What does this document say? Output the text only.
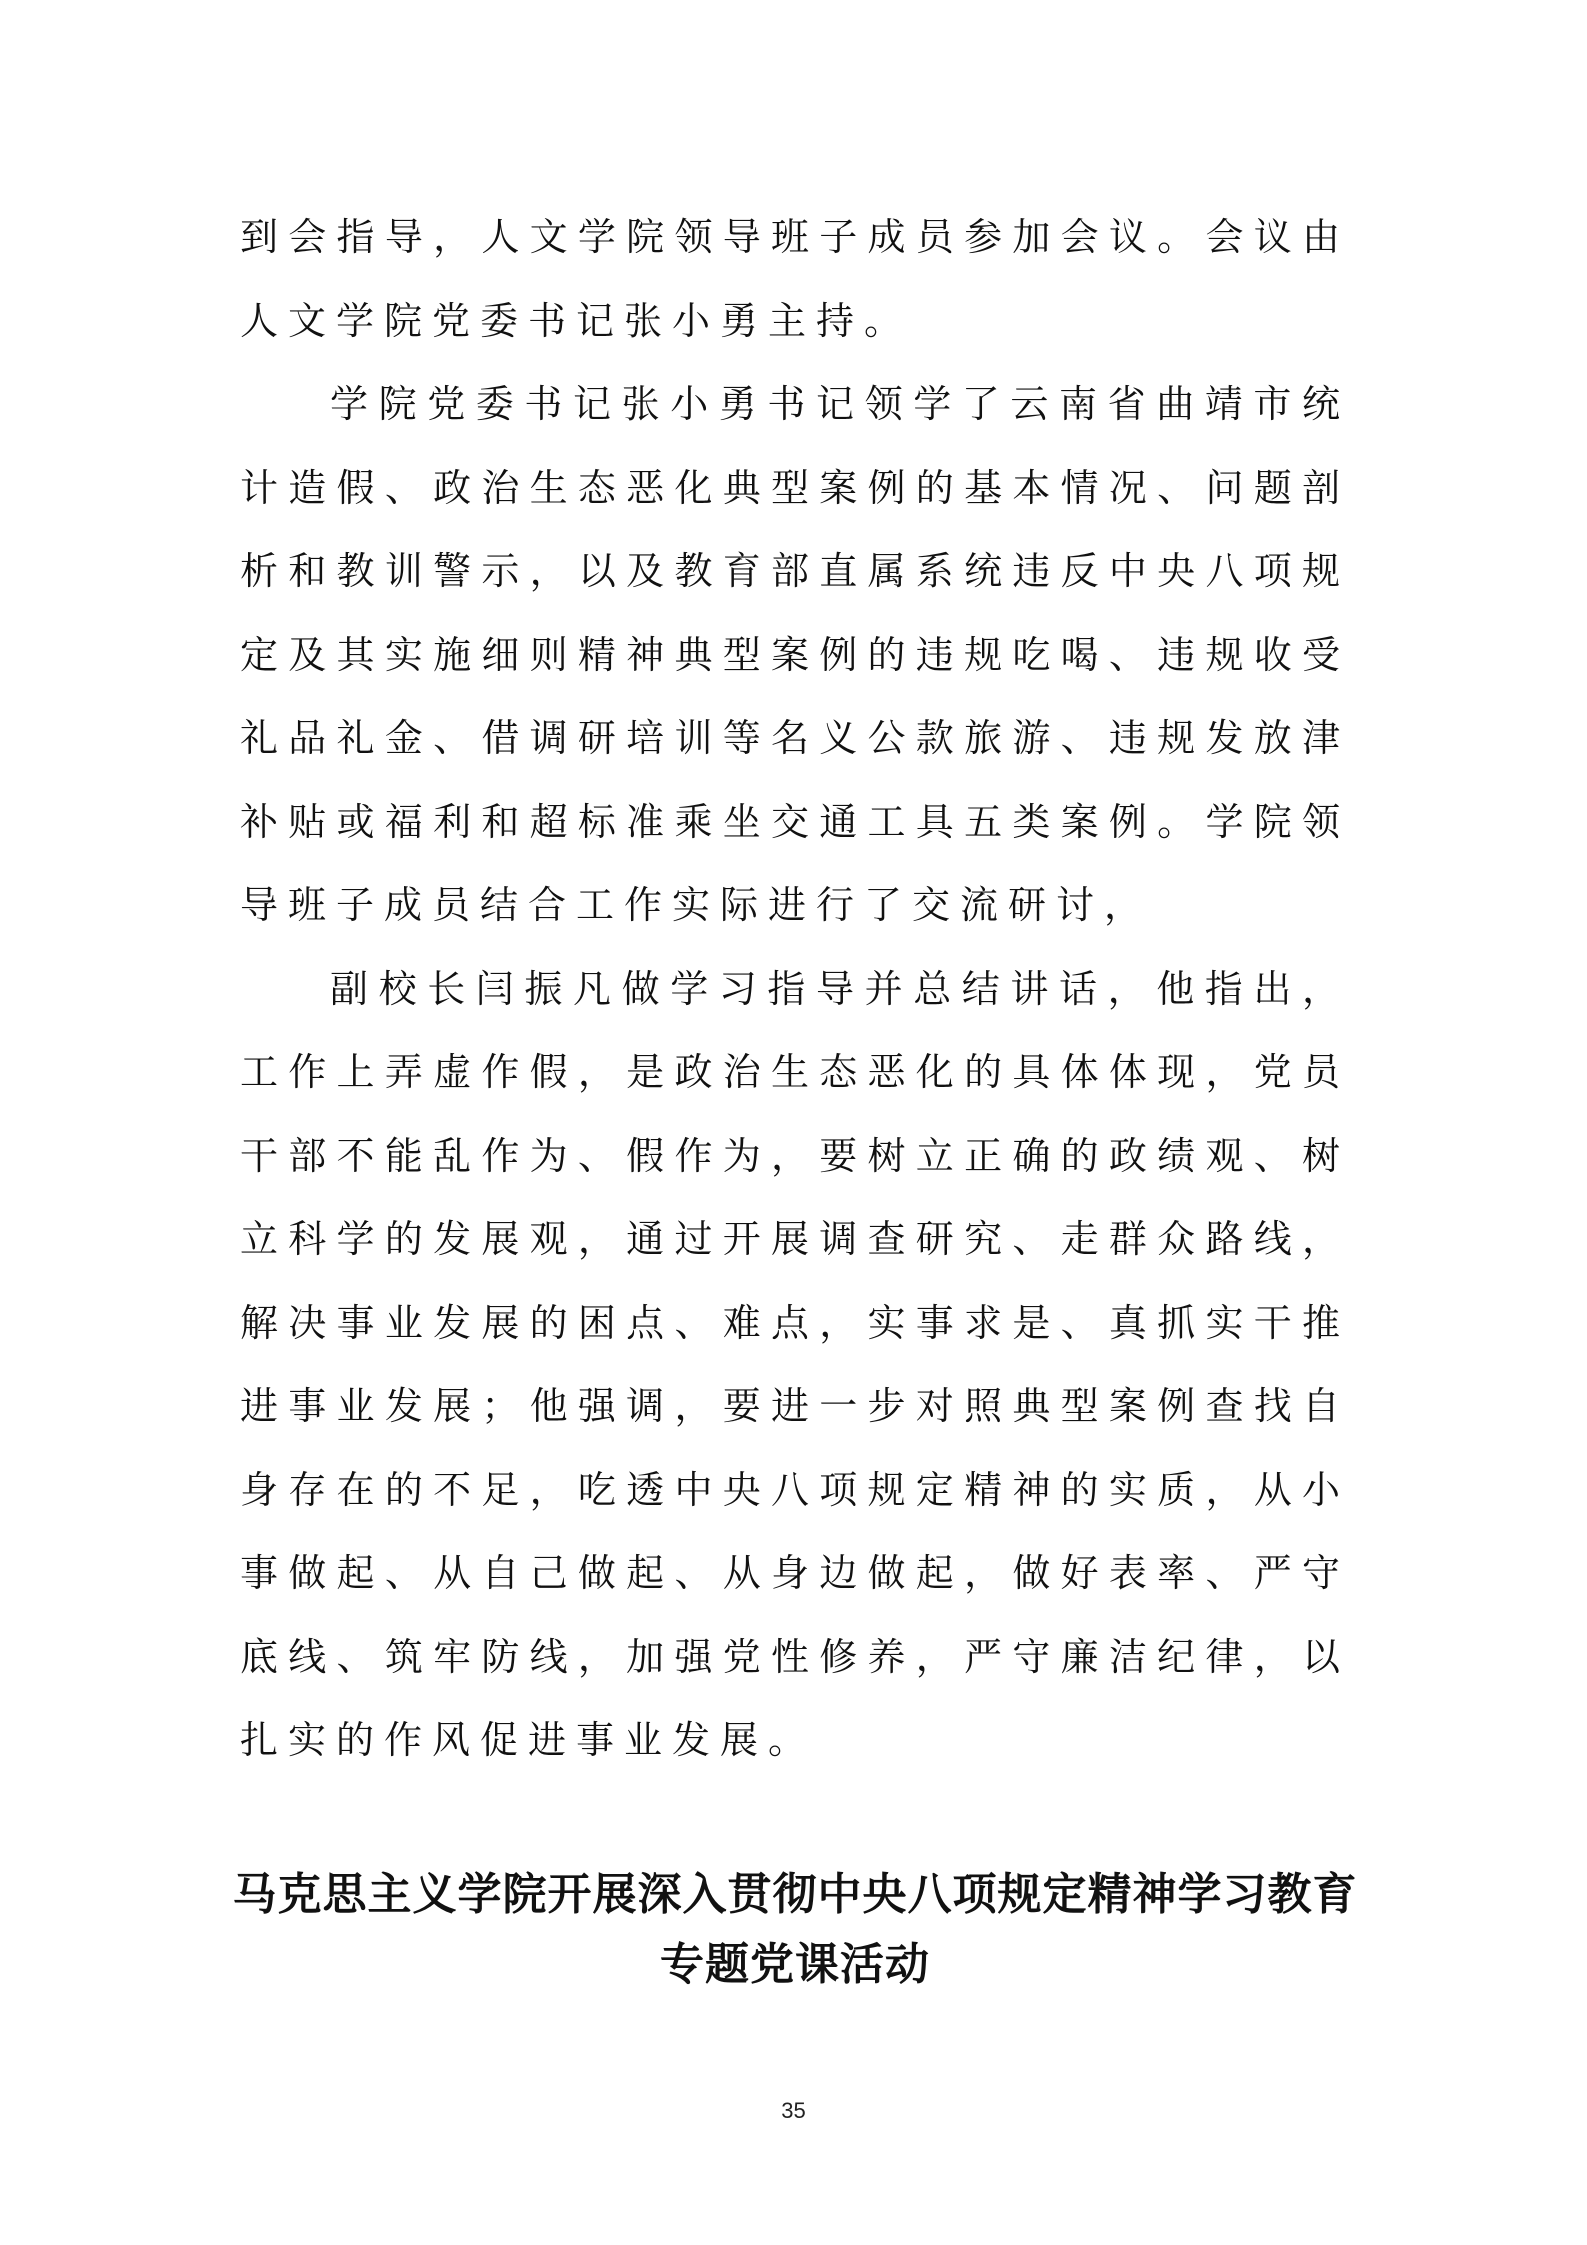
到会指导，人文学院领导班子成员参加会议。会议由人文学院党委书记张小勇主持。

学院党委书记张小勇书记领学了云南省曲靖市统计造假、政治生态恶化典型案例的基本情况、问题剖析和教训警示，以及教育部直属系统违反中央八项规定及其实施细则精神典型案例的违规吃喝、违规收受礼品礼金、借调研培训等名义公款旅游、违规发放津补贴或福利和超标准乘坐交通工具五类案例。学院领导班子成员结合工作实际进行了交流研讨，

副校长闫振凡做学习指导并总结讲话，他指出，工作上弄虚作假，是政治生态恶化的具体体现，党员干部不能乱作为、假作为，要树立正确的政绩观、树立科学的发展观，通过开展调查研究、走群众路线，解决事业发展的困点、难点，实事求是、真抓实干推进事业发展；他强调，要进一步对照典型案例查找自身存在的不足，吃透中央八项规定精神的实质，从小事做起、从自己做起、从身边做起，做好表率、严守底线、筑牢防线，加强党性修养，严守廉洁纪律，以扎实的作风促进事业发展。

马克思主义学院开展深入贯彻中央八项规定精神学习教育
专题党课活动
35
